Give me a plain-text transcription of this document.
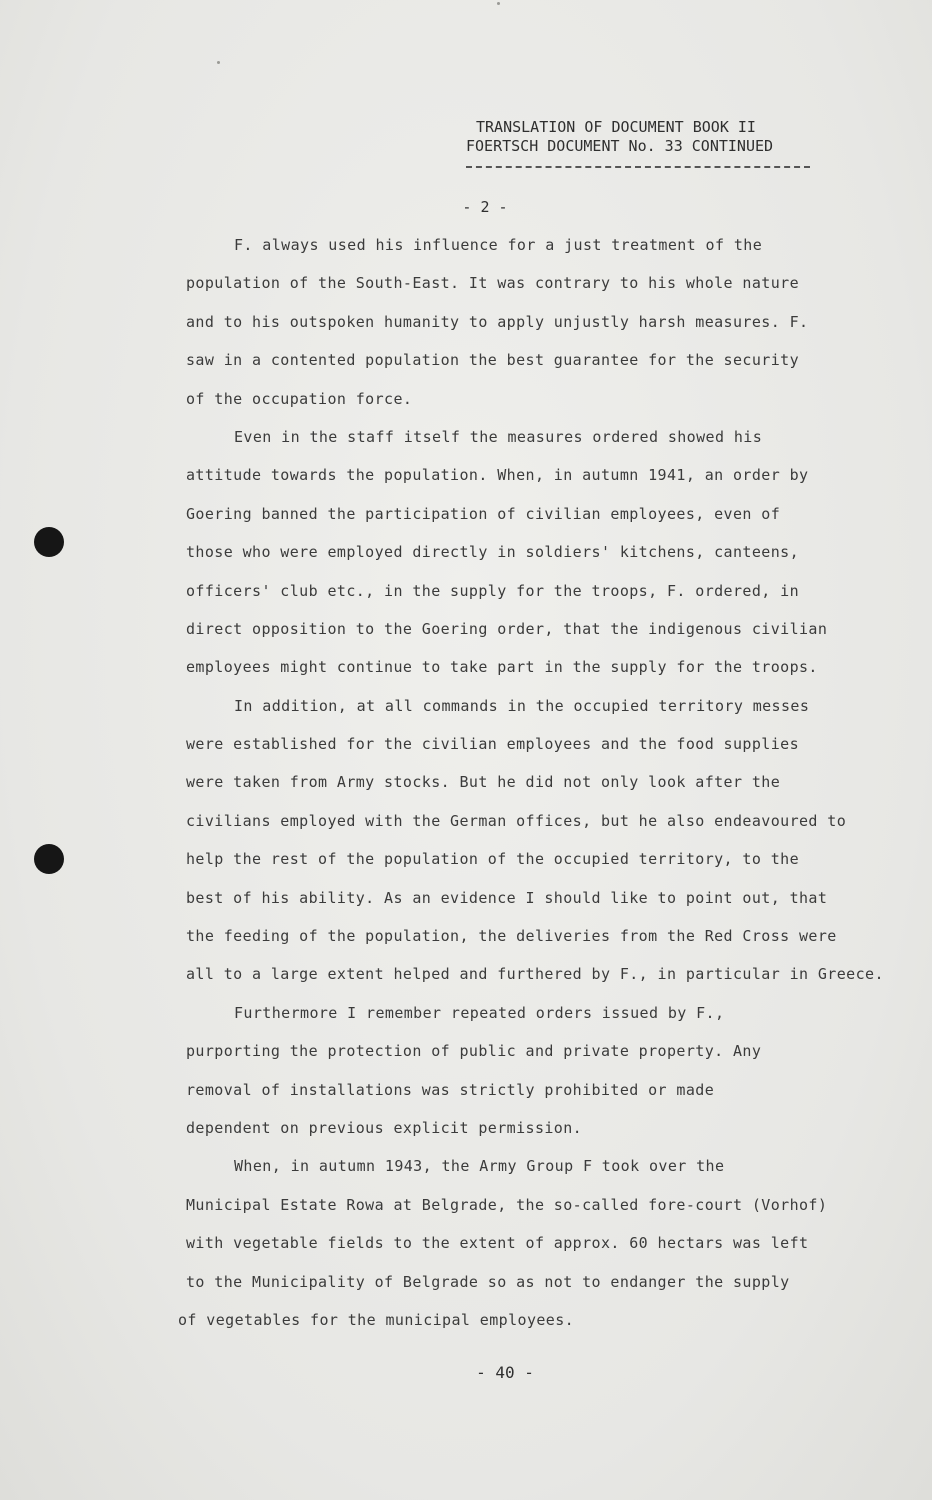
TRANSLATION OF DOCUMENT BOOK II
FOERTSCH DOCUMENT No. 33 CONTINUED
- 2 -
F. always used his influence for a just treatment of the
population of the South-East. It was contrary to his whole nature
and to his outspoken humanity to apply unjustly harsh measures. F.
saw in a contented population the best guarantee for the security
of the occupation force.
Even in the staff itself the measures ordered showed his
attitude towards the population. When, in autumn 1941, an order by
Goering banned the participation of civilian employees, even of
those who were employed directly in soldiers' kitchens, canteens,
officers' club etc., in the supply for the troops, F. ordered, in
direct opposition to the Goering order, that the indigenous civilian
employees might continue to take part in the supply for the troops.
In addition, at all commands in the occupied territory messes
were established for the civilian employees and the food supplies
were taken from Army stocks. But he did not only look after the
civilians employed with the German offices, but he also endeavoured to
help the rest of the population of the occupied territory, to the
best of his ability. As an evidence I should like to point out, that
the feeding of the population, the deliveries from the Red Cross were
all to a large extent helped and furthered by F., in particular in Greece.
Furthermore I remember repeated orders issued by F.,
purporting the protection of public and private property. Any
removal of installations was strictly prohibited or made
dependent on previous explicit permission.
When, in autumn 1943, the Army Group F took over the
Municipal Estate Rowa at Belgrade, the so-called fore-court (Vorhof)
with vegetable fields to the extent of approx. 60 hectars was left
to the Municipality of Belgrade so as not to endanger the supply
of vegetables for the municipal employees.
- 40 -
